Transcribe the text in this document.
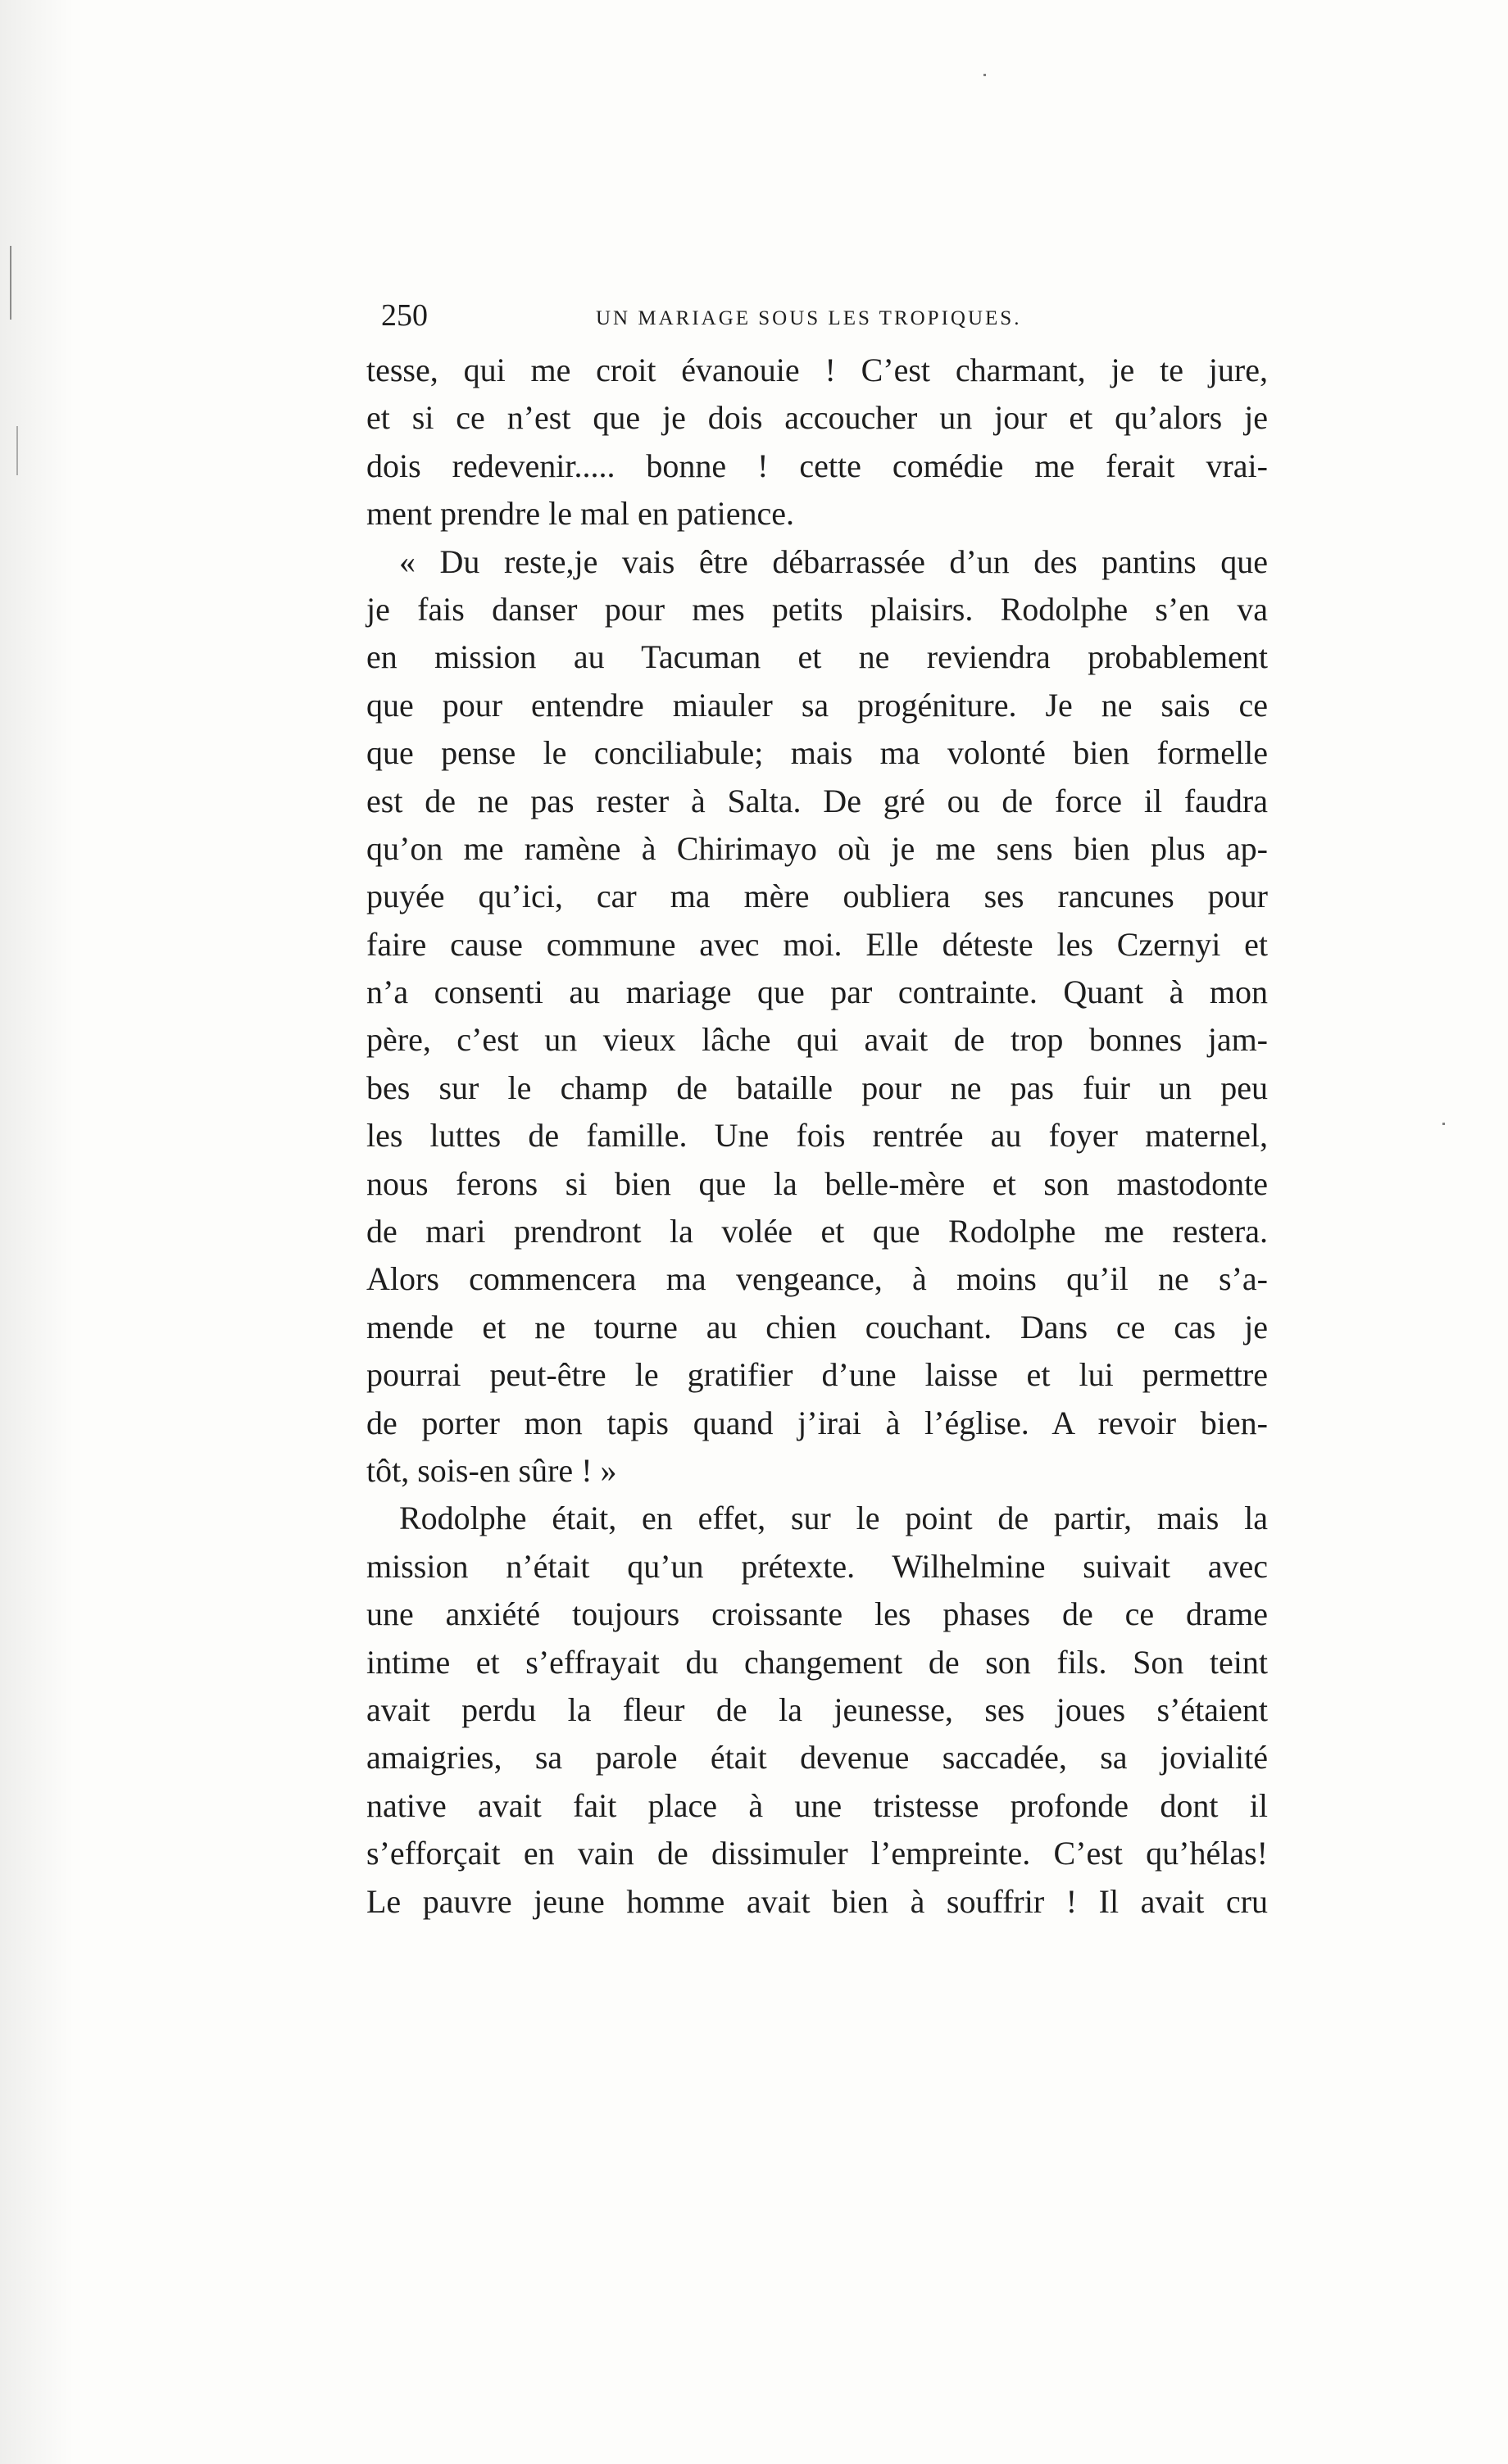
250	UN MARIAGE SOUS LES TROPIQUES.
tesse, qui me croit évanouie ! C’est charmant, je te jure,
et si ce n’est que je dois accoucher un jour et qu’alors je
dois redevenir..... bonne ! cette comédie me ferait vrai-
ment prendre le mal en patience.
« Du reste,je vais être débarrassée d’un des pantins que
je fais danser pour mes petits plaisirs. Rodolphe s’en va
en mission au Tacuman et ne reviendra probablement
que pour entendre miauler sa progéniture. Je ne sais ce
que pense le conciliabule; mais ma volonté bien formelle
est de ne pas rester à Salta. De gré ou de force il faudra
qu’on me ramène à Chirimayo où je me sens bien plus ap-
puyée qu’ici, car ma mère oubliera ses rancunes pour
faire cause commune avec moi. Elle déteste les Czernyi et
n’a consenti au mariage que par contrainte. Quant à mon
père, c’est un vieux lâche qui avait de trop bonnes jam-
bes sur le champ de bataille pour ne pas fuir un peu
les luttes de famille. Une fois rentrée au foyer maternel,
nous ferons si bien que la belle-mère et son mastodonte
de mari prendront la volée et que Rodolphe me restera.
Alors commencera ma vengeance, à moins qu’il ne s’a-
mende et ne tourne au chien couchant. Dans ce cas je
pourrai peut-être le gratifier d’une laisse et lui permettre
de porter mon tapis quand j’irai à l’église. A revoir bien-
tôt, sois-en sûre ! »
Rodolphe était, en effet, sur le point de partir, mais la
mission n’était qu’un prétexte. Wilhelmine suivait avec
une anxiété toujours croissante les phases de ce drame
intime et s’effrayait du changement de son fils. Son teint
avait perdu la fleur de la jeunesse, ses joues s’étaient
amaigries, sa parole était devenue saccadée, sa jovialité
native avait fait place à une tristesse profonde dont il
s’efforçait en vain de dissimuler l’empreinte. C’est qu’hélas!
Le pauvre jeune homme avait bien à souffrir ! Il avait cru
